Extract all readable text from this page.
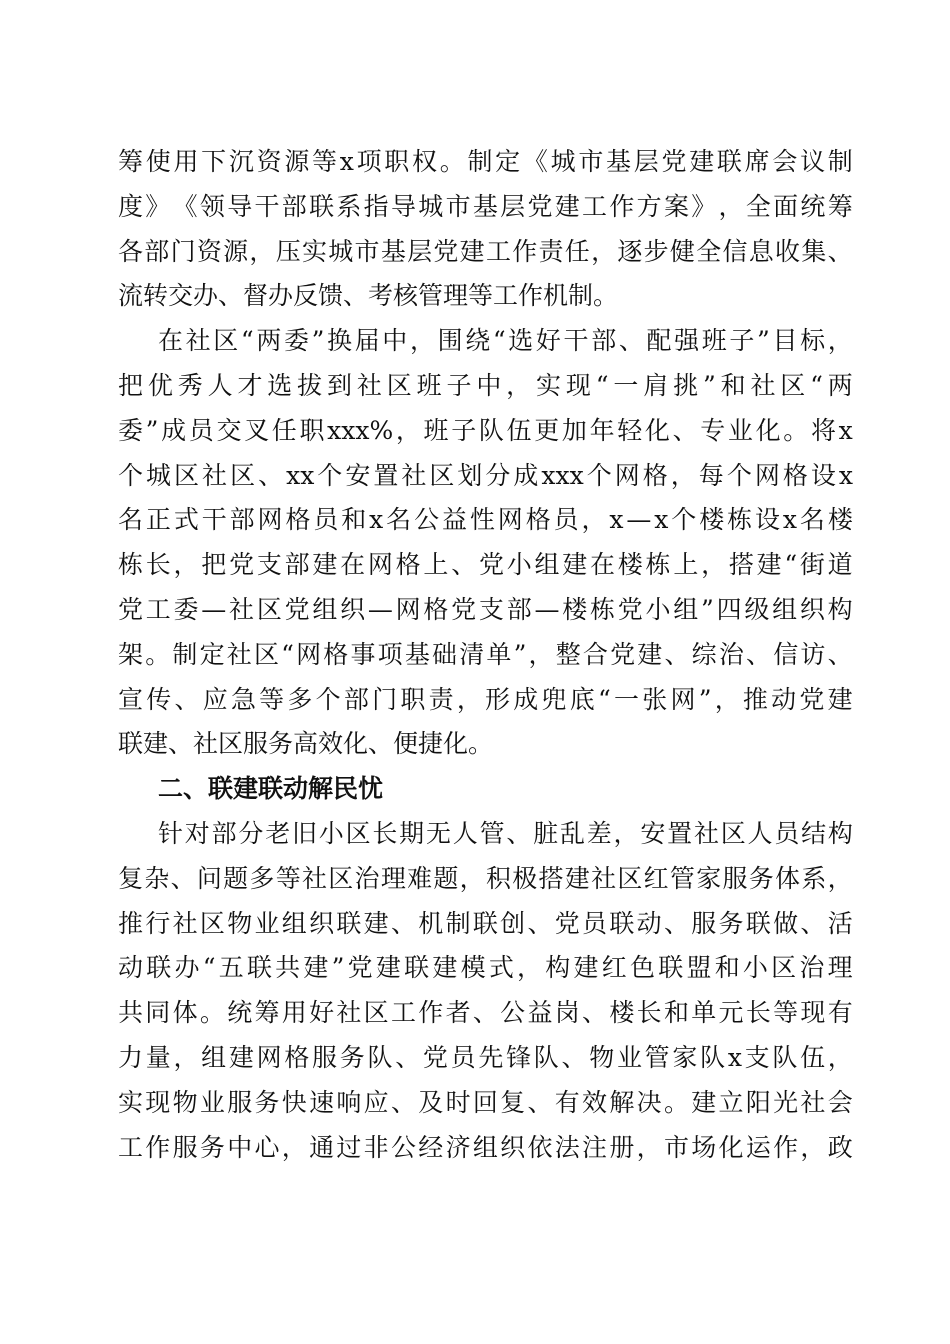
筹 使 用 下 沉 资 源 等 x 项 职 权 。 制 定 《 城 市 基 层 党 建 联 席 会 议 制
度 》 《 领 导 干 部 联 系 指 导 城 市 基 层 党 建 工 作 方 案 》 ， 全 面 统 筹
各 部 门 资 源 ， 压 实 城 市 基 层 党 建 工 作 责 任 ， 逐 步 健 全 信 息 收 集 、
流转交办、督办反馈、考核管理等工作机制。
在 社 区 “ 两 委 ” 换 届 中 ， 围 绕 “ 选 好 干 部 、 配 强 班 子 ” 目 标 ，
把 优 秀 人 才 选 拔 到 社 区 班 子 中 ， 实 现 “ 一 肩 挑 ” 和 社 区 “ 两
委 ” 成 员 交 叉 任 职 xxx% ， 班 子 队 伍 更 加 年 轻 化 、 专 业 化 。 将 x
个 城 区 社 区 、 xx 个 安 置 社 区 划 分 成 xxx 个 网 格 ， 每 个 网 格 设 x
名 正 式 干 部 网 格 员 和 x 名 公 益 性 网 格 员 ， x — x 个 楼 栋 设 x 名 楼
栋 长 ， 把 党 支 部 建 在 网 格 上 、 党 小 组 建 在 楼 栋 上 ， 搭 建 “ 街 道
党 工 委 — 社 区 党 组 织 — 网 格 党 支 部 — 楼 栋 党 小 组 ” 四 级 组 织 构
架 。 制 定 社 区 “ 网 格 事 项 基 础 清 单 ” ， 整 合 党 建 、 综 治 、 信 访 、
宣 传 、 应 急 等 多 个 部 门 职 责 ， 形 成 兜 底 “ 一 张 网 ” ， 推 动 党 建
联建、社区服务高效化、便捷化。
二、联建联动解民忧
针 对 部 分 老 旧 小 区 长 期 无 人 管 、 脏 乱 差 ， 安 置 社 区 人 员 结 构
复 杂 、 问 题 多 等 社 区 治 理 难 题 ， 积 极 搭 建 社 区 红 管 家 服 务 体 系 ，
推 行 社 区 物 业 组 织 联 建 、 机 制 联 创 、 党 员 联 动 、 服 务 联 做 、 活
动 联 办 “ 五 联 共 建 ” 党 建 联 建 模 式 ， 构 建 红 色 联 盟 和 小 区 治 理
共 同 体 。 统 筹 用 好 社 区 工 作 者 、 公 益 岗 、 楼 长 和 单 元 长 等 现 有
力 量 ， 组 建 网 格 服 务 队 、 党 员 先 锋 队 、 物 业 管 家 队 x 支 队 伍 ，
实 现 物 业 服 务 快 速 响 应 、 及 时 回 复 、 有 效 解 决 。 建 立 阳 光 社 会
工 作 服 务 中 心 ， 通 过 非 公 经 济 组 织 依 法 注 册 ， 市 场 化 运 作 ， 政
